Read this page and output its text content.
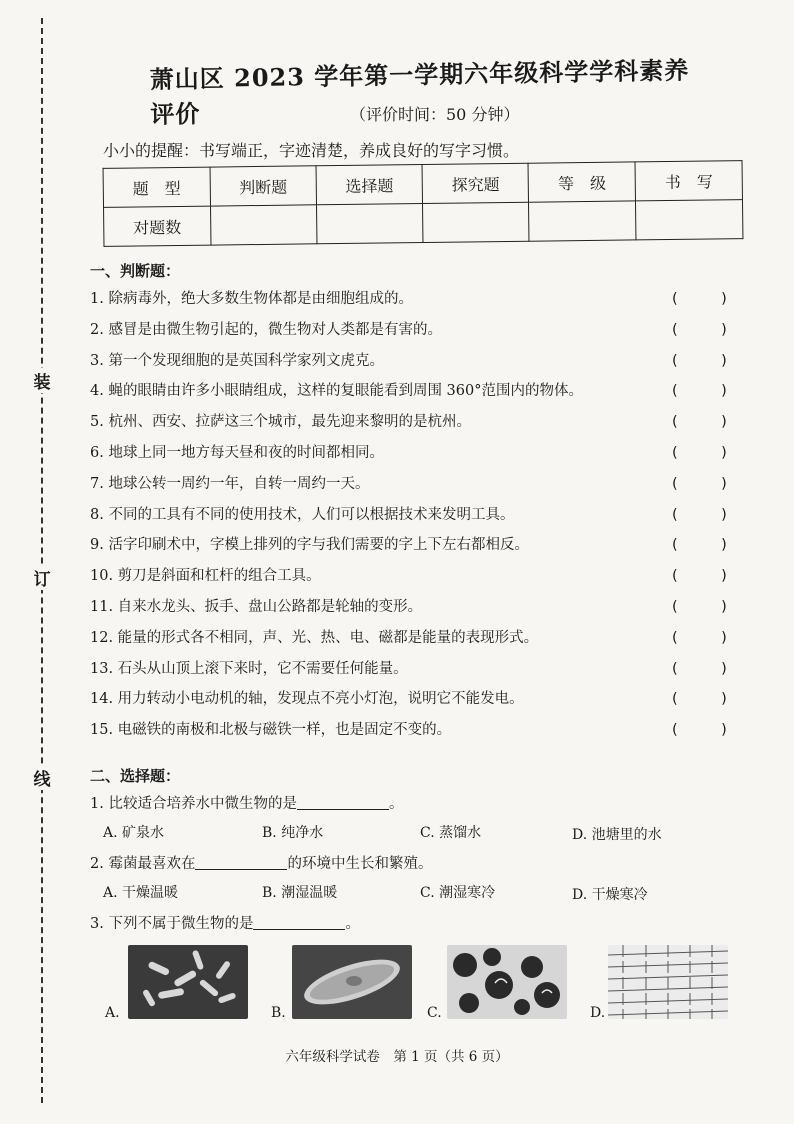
装
订
线
萧山区 2023 学年第一学期六年级科学学科素养评价	（评价时间：50 分钟）
小小的提醒：书写端正，字迹清楚，养成良好的写字习惯。
题　型	判断题	选择题	探究题	等　级	书　写
对题数					
一、判断题：
1. 除病毒外，绝大多数生物体都是由细胞组成的。	(　　　)
2. 感冒是由微生物引起的，微生物对人类都是有害的。	(　　　)
3. 第一个发现细胞的是英国科学家列文虎克。	(　　　)
4. 蝇的眼睛由许多小眼睛组成，这样的复眼能看到周围 360°范围内的物体。	(　　　)
5. 杭州、西安、拉萨这三个城市，最先迎来黎明的是杭州。	(　　　)
6. 地球上同一地方每天昼和夜的时间都相同。	(　　　)
7. 地球公转一周约一年，自转一周约一天。	(　　　)
8. 不同的工具有不同的使用技术，人们可以根据技术来发明工具。	(　　　)
9. 活字印刷术中，字模上排列的字与我们需要的字上下左右都相反。	(　　　)
10. 剪刀是斜面和杠杆的组合工具。	(　　　)
11. 自来水龙头、扳手、盘山公路都是轮轴的变形。	(　　　)
12. 能量的形式各不相同，声、光、热、电、磁都是能量的表现形式。	(　　　)
13. 石头从山顶上滚下来时，它不需要任何能量。	(　　　)
14. 用力转动小电动机的轴，发现点不亮小灯泡，说明它不能发电。	(　　　)
15. 电磁铁的南极和北极与磁铁一样，也是固定不变的。	(　　　)
二、选择题：
1. 比较适合培养水中微生物的是	。
A. 矿泉水	B. 纯净水	C. 蒸馏水	D. 池塘里的水
2. 霉菌最喜欢在	的环境中生长和繁殖。
A. 干燥温暖	B. 潮湿温暖	C. 潮湿寒冷	D. 干燥寒冷
3. 下列不属于微生物的是	。
A.	B.	C.	D.
六年级科学试卷　第 1 页（共 6 页）
